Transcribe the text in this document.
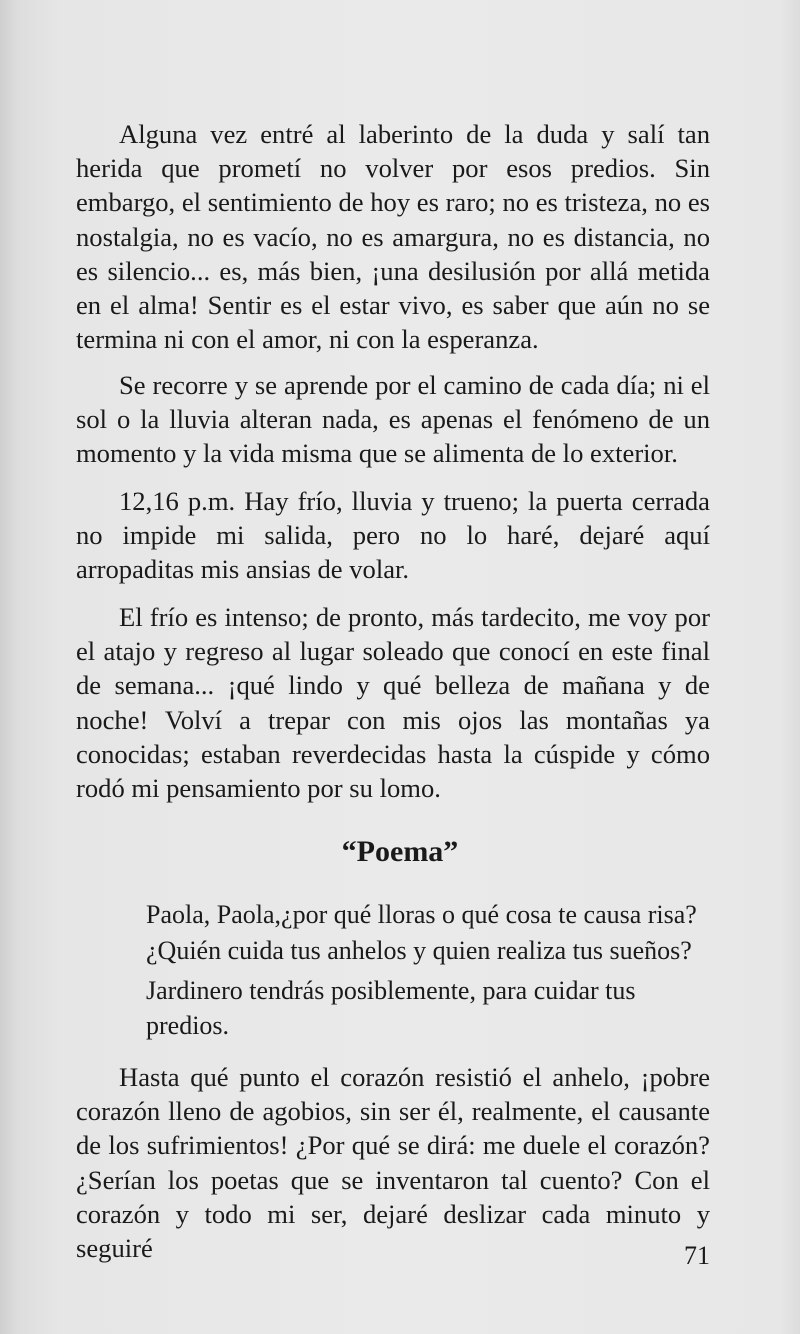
Alguna vez entré al laberinto de la duda y salí tan herida que prometí no volver por esos predios. Sin embargo, el sentimiento de hoy es raro; no es tristeza, no es nostalgia, no es vacío, no es amargura, no es distancia, no es silencio... es, más bien, ¡una desilusión por allá metida en el alma! Sentir es el estar vivo, es saber que aún no se termina ni con el amor, ni con la esperanza.

Se recorre y se aprende por el camino de cada día; ni el sol o la lluvia alteran nada, es apenas el fenómeno de un momento y la vida misma que se alimenta de lo exterior.

12,16 p.m. Hay frío, lluvia y trueno; la puerta cerrada no impide mi salida, pero no lo haré, dejaré aquí arropaditas mis ansias de volar.

El frío es intenso; de pronto, más tardecito, me voy por el atajo y regreso al lugar soleado que conocí en este final de semana... ¡qué lindo y qué belleza de mañana y de noche! Volví a trepar con mis ojos las montañas ya conocidas; estaban reverdecidas hasta la cúspide y cómo rodó mi pensamiento por su lomo.

“Poema”

Paola, Paola,¿por qué lloras o qué cosa te causa risa?

¿Quién cuida tus anhelos y quien realiza tus sueños?

Jardinero tendrás posiblemente, para cuidar tus predios.

Hasta qué punto el corazón resistió el anhelo, ¡pobre corazón lleno de agobios, sin ser él, realmente, el causante de los sufrimientos! ¿Por qué se dirá: me duele el corazón? ¿Serían los poetas que se inventaron tal cuento? Con el corazón y todo mi ser, dejaré deslizar cada minuto y seguiré	71
